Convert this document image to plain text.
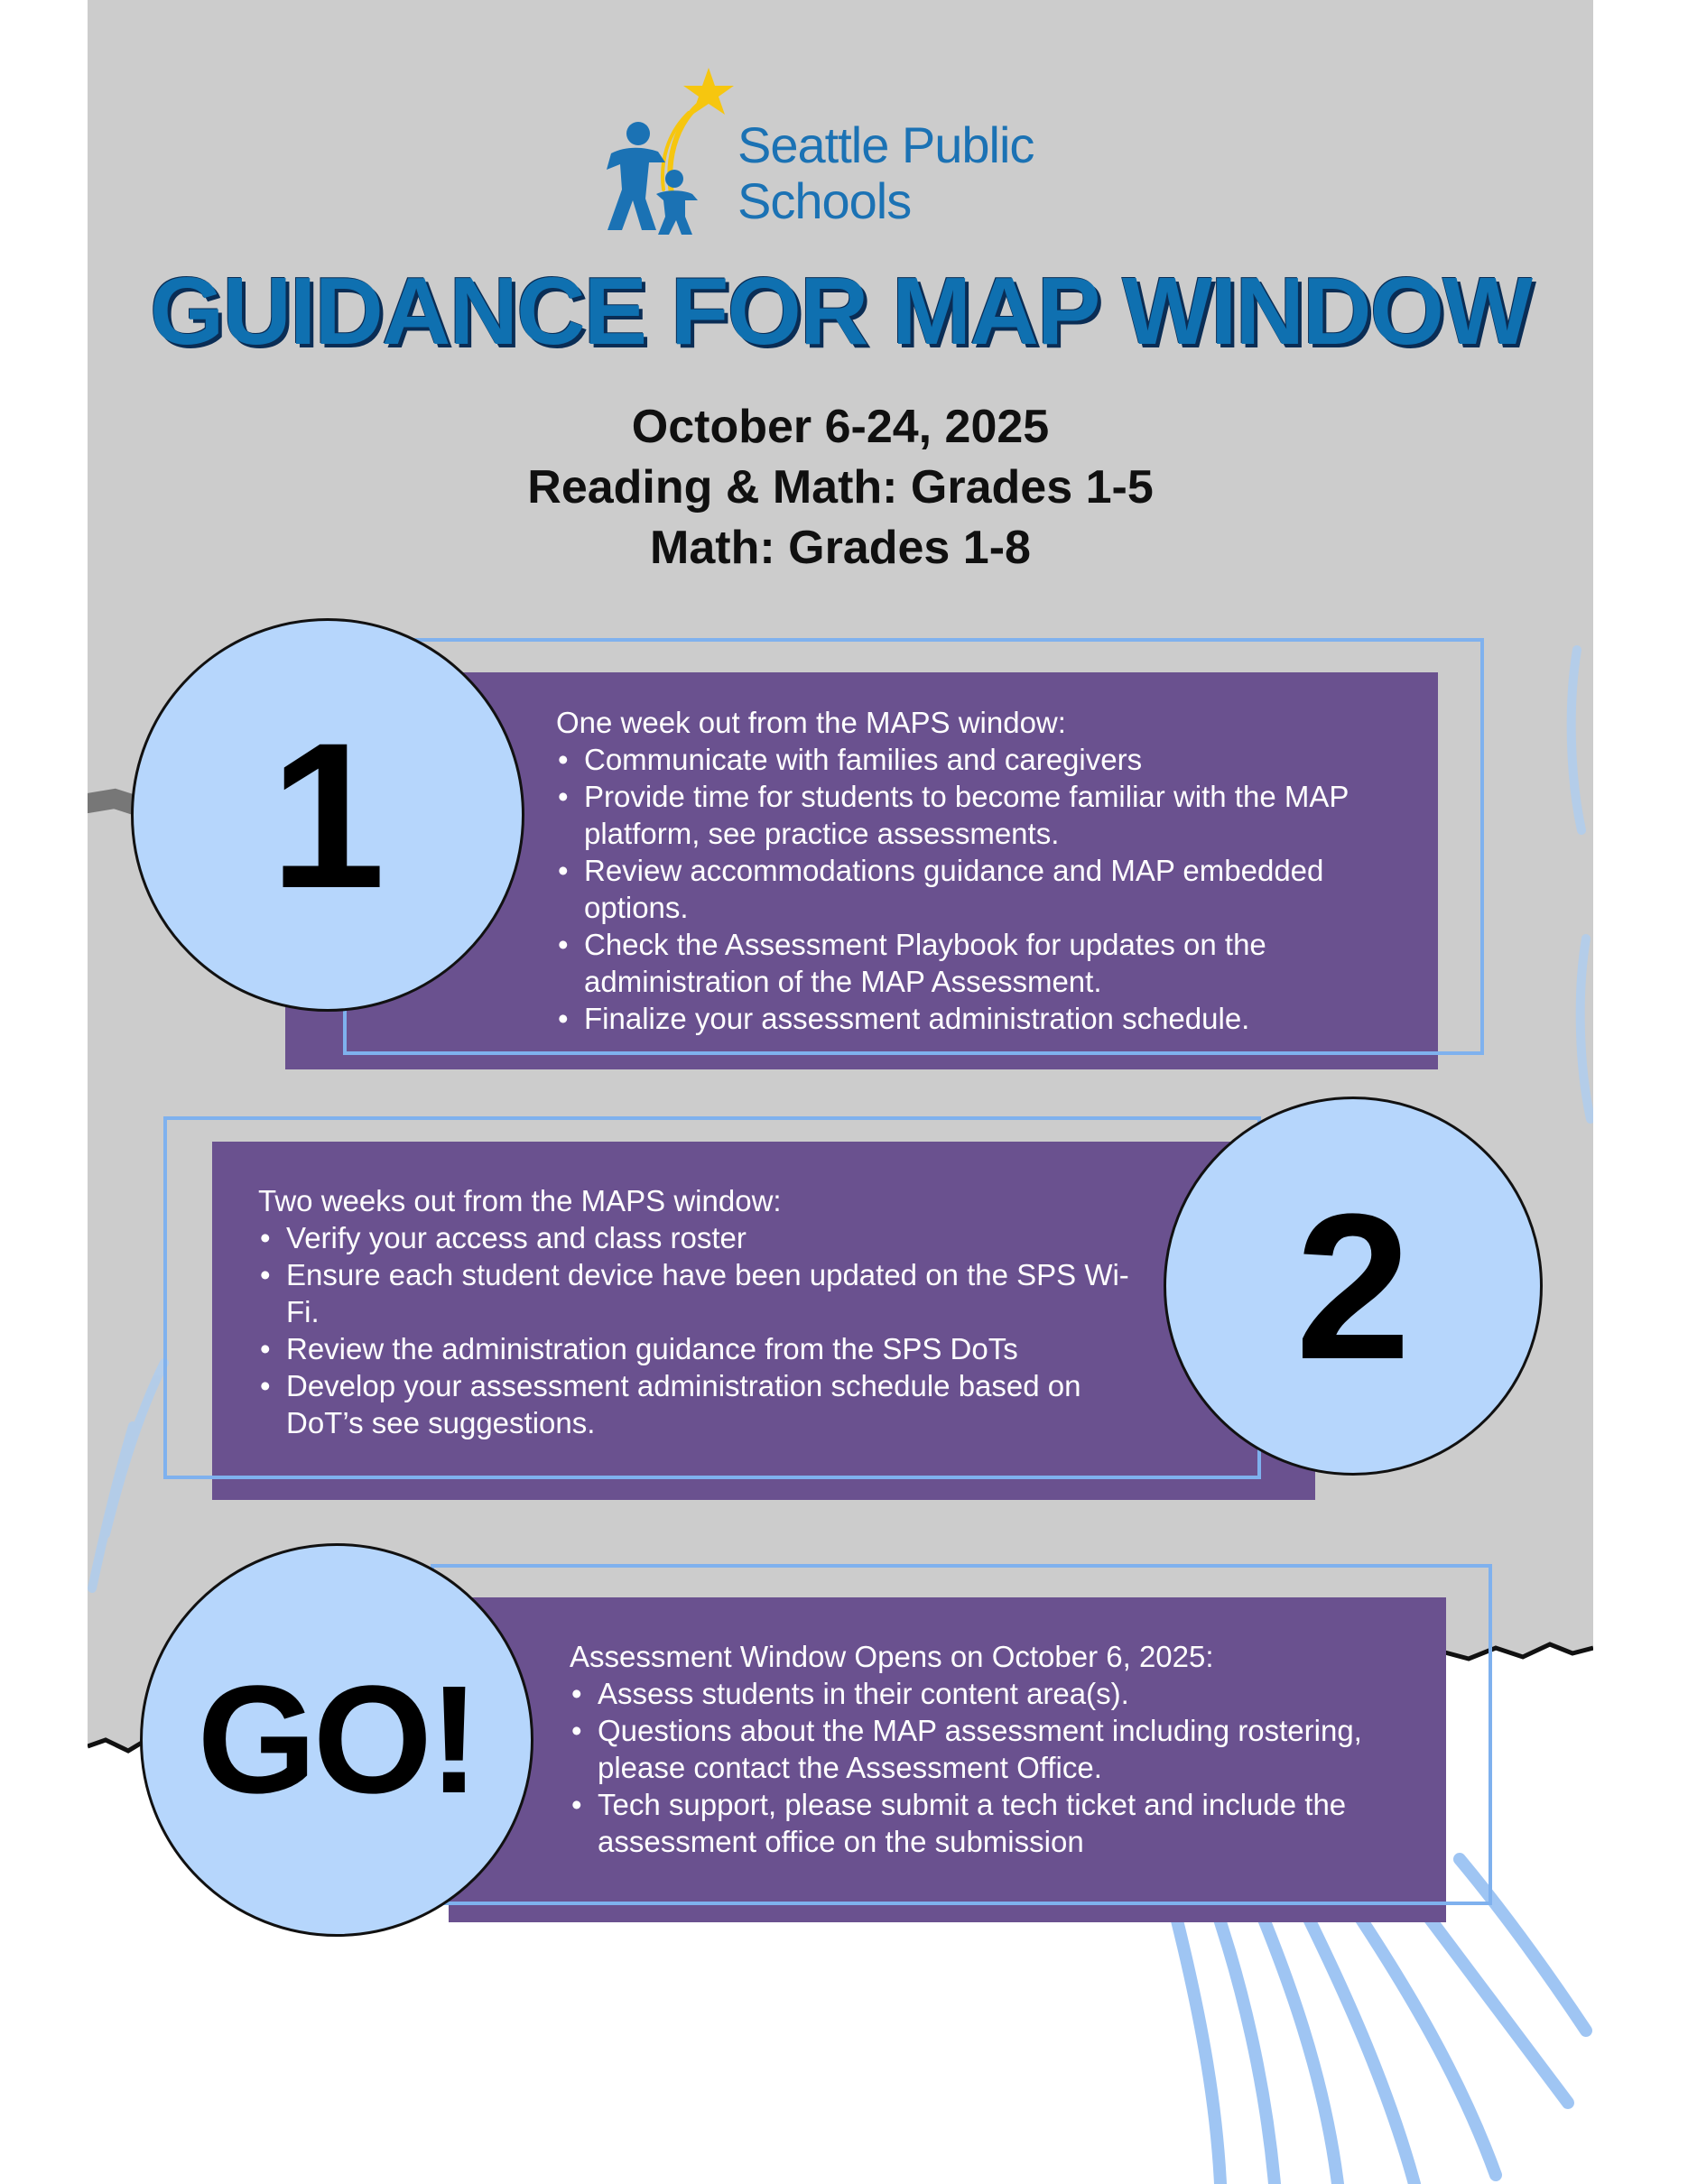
Seattle Public
Schools
GUIDANCE FOR MAP WINDOW
October 6-24, 2025
Reading & Math: Grades 1-5
Math: Grades 1-8

One week out from the MAPS window:

• Communicate with families and caregivers
• Provide time for students to become familiar with the MAP platform, see practice assessments.
• Review accommodations guidance and MAP embedded options.
• Check the Assessment Playbook for updates on the administration of the MAP Assessment.
• Finalize your assessment administration schedule.
1

Two weeks out from the MAPS window:

• Verify your access and class roster
• Ensure each student device have been updated on the SPS Wi-Fi.
• Review the administration guidance from the SPS DoTs
• Develop your assessment administration schedule based on DoT’s see suggestions.
2

Assessment Window Opens on October 6, 2025:

• Assess students in their content area(s).
• Questions about the MAP assessment including rostering, please contact the Assessment Office.
• Tech support, please submit a tech ticket and include the assessment office on the submission
GO!
